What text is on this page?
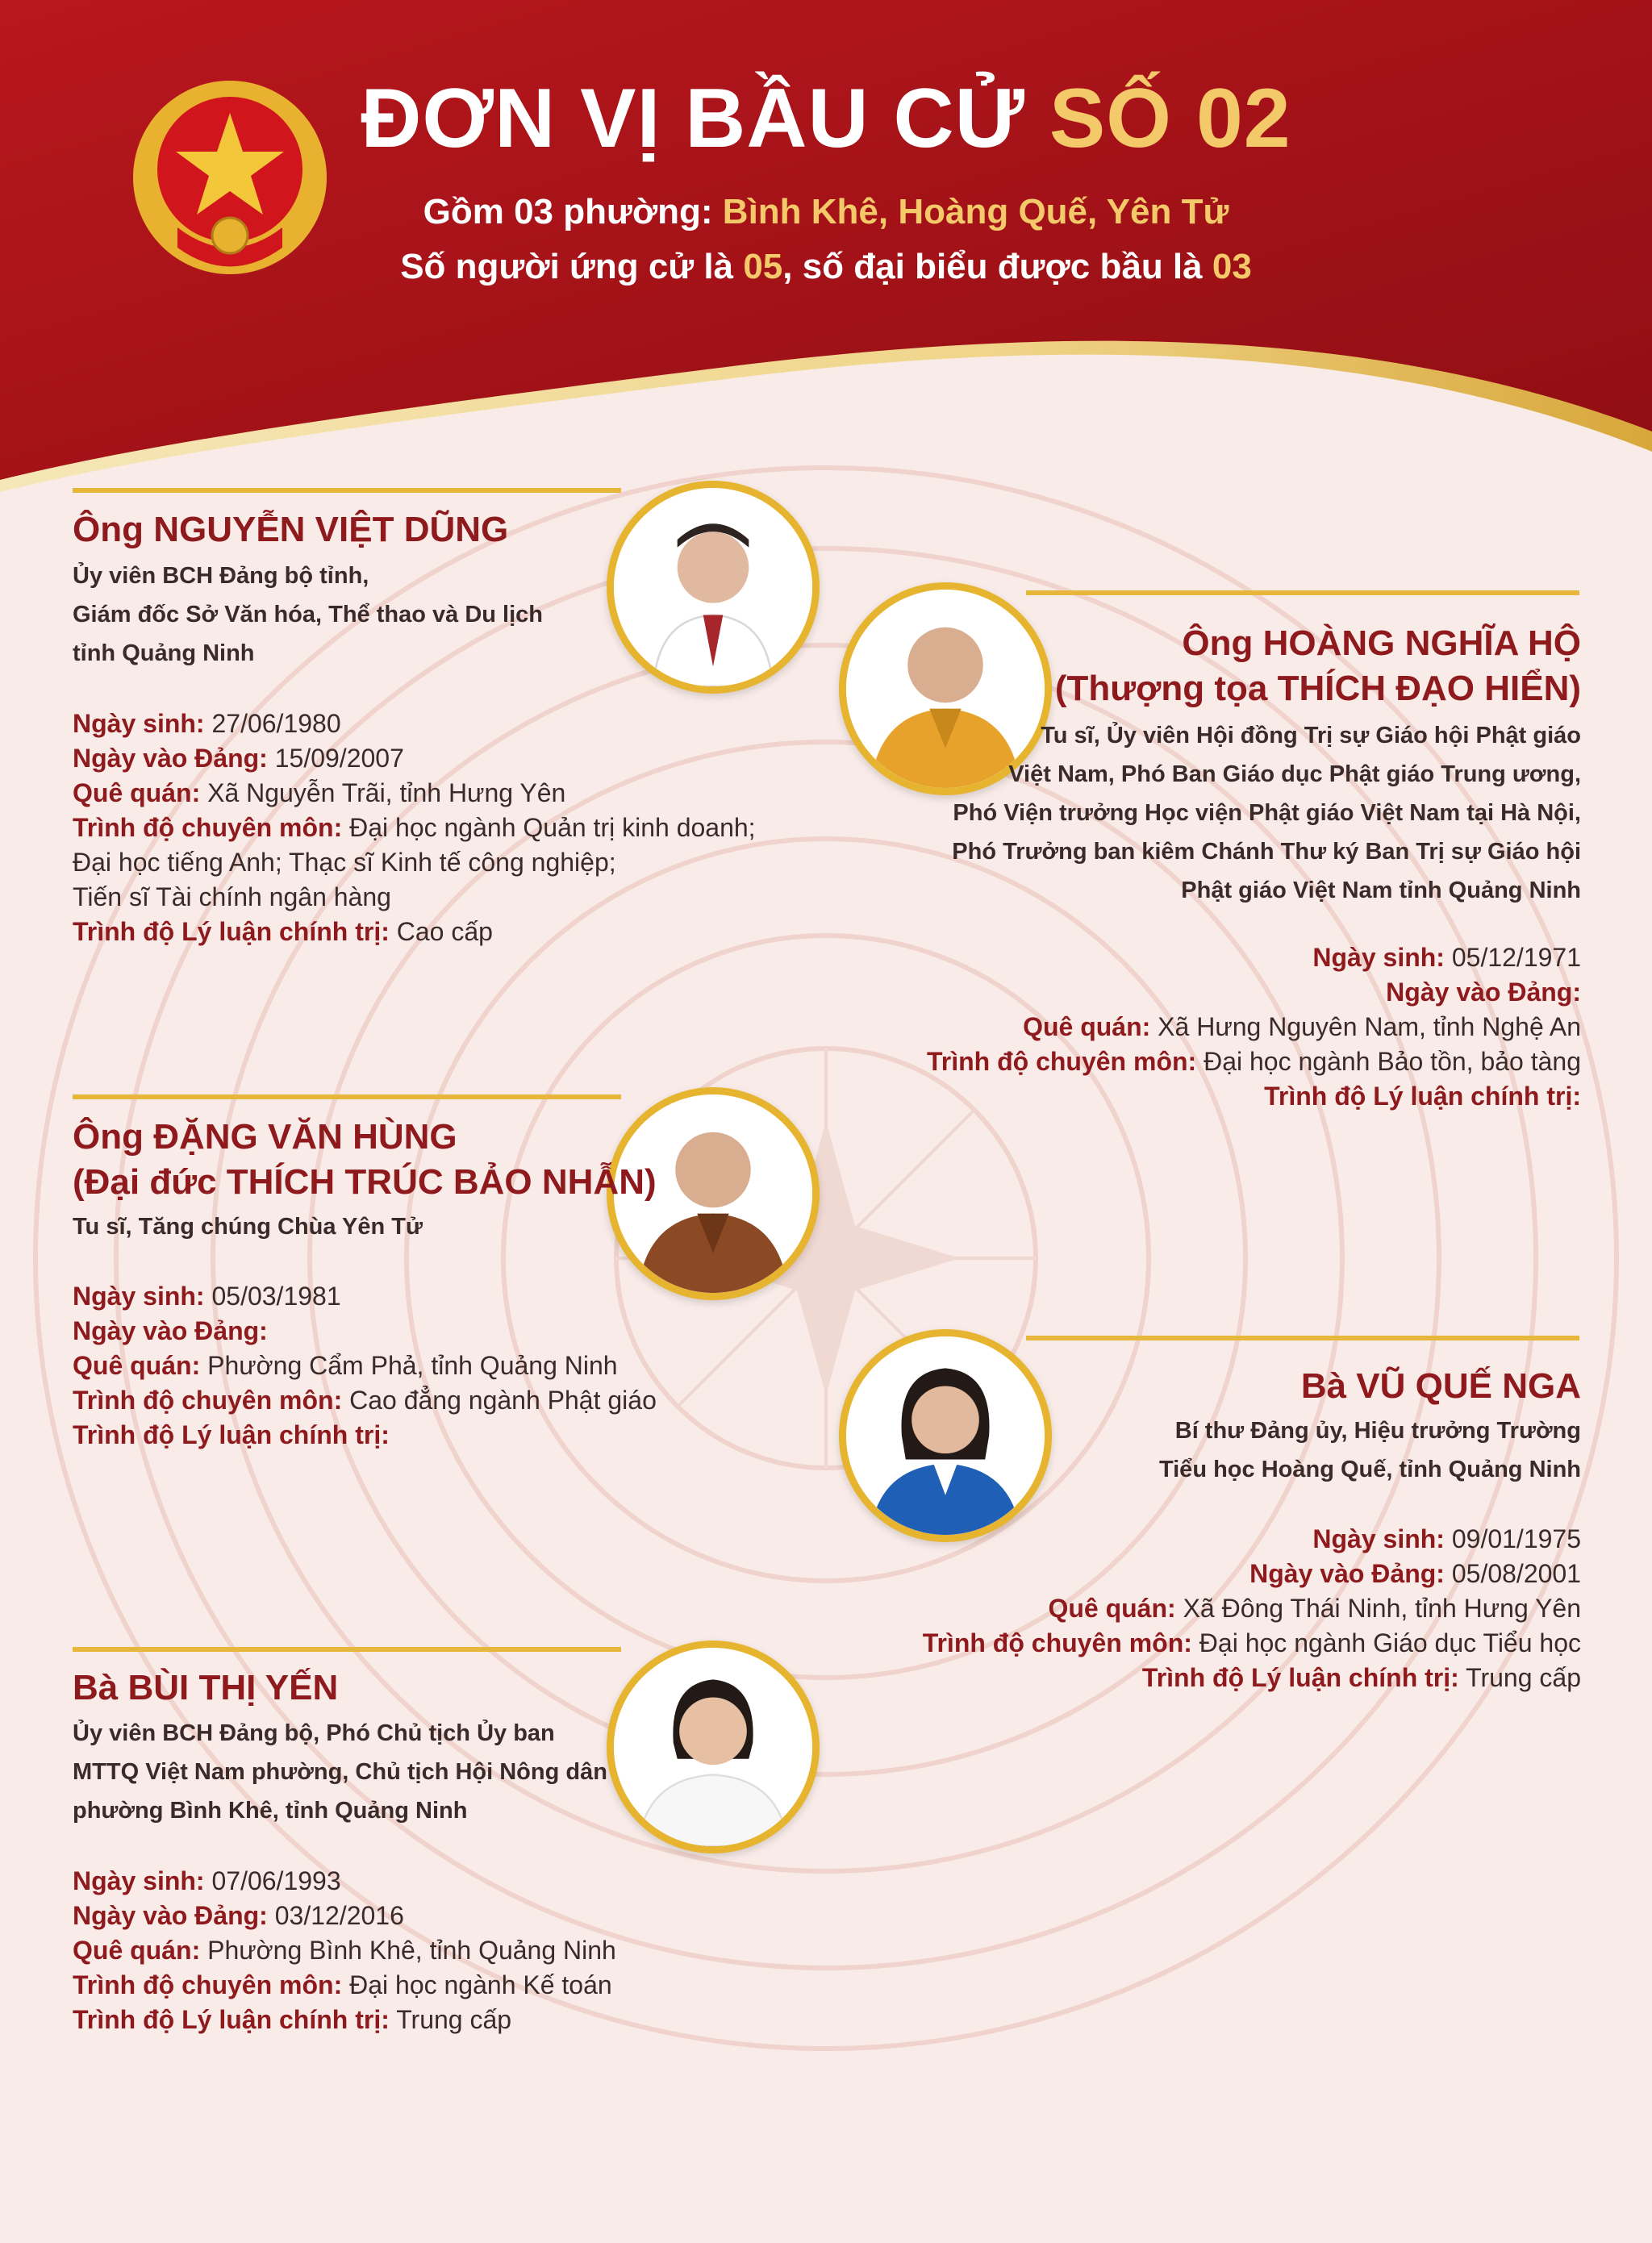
ĐƠN VỊ BẦU CỬ SỐ 02
Gồm 03 phường: Bình Khê, Hoàng Quế, Yên Tử
Số người ứng cử là 05, số đại biểu được bầu là 03
Ông NGUYỄN VIỆT DŨNG
Ủy viên BCH Đảng bộ tỉnh,
Giám đốc Sở Văn hóa, Thể thao và Du lịch
tỉnh Quảng Ninh
Ngày sinh: 27/06/1980
Ngày vào Đảng: 15/09/2007
Quê quán: Xã Nguyễn Trãi, tỉnh Hưng Yên
Trình độ chuyên môn: Đại học ngành Quản trị kinh doanh;
Đại học tiếng Anh; Thạc sĩ Kinh tế công nghiệp;
Tiến sĩ Tài chính ngân hàng
Trình độ Lý luận chính trị: Cao cấp
Ông HOÀNG NGHĨA HỘ
(Thượng tọa THÍCH ĐẠO HIỂN)
Tu sĩ, Ủy viên Hội đồng Trị sự Giáo hội Phật giáo
Việt Nam, Phó Ban Giáo dục Phật giáo Trung ương,
Phó Viện trưởng Học viện Phật giáo Việt Nam tại Hà Nội,
Phó Trưởng ban kiêm Chánh Thư ký Ban Trị sự Giáo hội
Phật giáo Việt Nam tỉnh Quảng Ninh
Ngày sinh: 05/12/1971
Ngày vào Đảng:
Quê quán: Xã Hưng Nguyên Nam, tỉnh Nghệ An
Trình độ chuyên môn: Đại học ngành Bảo tồn, bảo tàng
Trình độ Lý luận chính trị:
Ông ĐẶNG VĂN HÙNG
(Đại đức THÍCH TRÚC BẢO NHẪN)
Tu sĩ, Tăng chúng Chùa Yên Tử
Ngày sinh: 05/03/1981
Ngày vào Đảng:
Quê quán: Phường Cẩm Phả, tỉnh Quảng Ninh
Trình độ chuyên môn: Cao đẳng ngành Phật giáo
Trình độ Lý luận chính trị:
Bà VŨ QUẾ NGA
Bí thư Đảng ủy, Hiệu trưởng Trường
Tiểu học Hoàng Quế, tỉnh Quảng Ninh
Ngày sinh: 09/01/1975
Ngày vào Đảng: 05/08/2001
Quê quán: Xã Đông Thái Ninh, tỉnh Hưng Yên
Trình độ chuyên môn: Đại học ngành Giáo dục Tiểu học
Trình độ Lý luận chính trị: Trung cấp
Bà BÙI THỊ YẾN
Ủy viên BCH Đảng bộ, Phó Chủ tịch Ủy ban
MTTQ Việt Nam phường, Chủ tịch Hội Nông dân
phường Bình Khê, tỉnh Quảng Ninh
Ngày sinh: 07/06/1993
Ngày vào Đảng: 03/12/2016
Quê quán: Phường Bình Khê, tỉnh Quảng Ninh
Trình độ chuyên môn: Đại học ngành Kế toán
Trình độ Lý luận chính trị: Trung cấp
